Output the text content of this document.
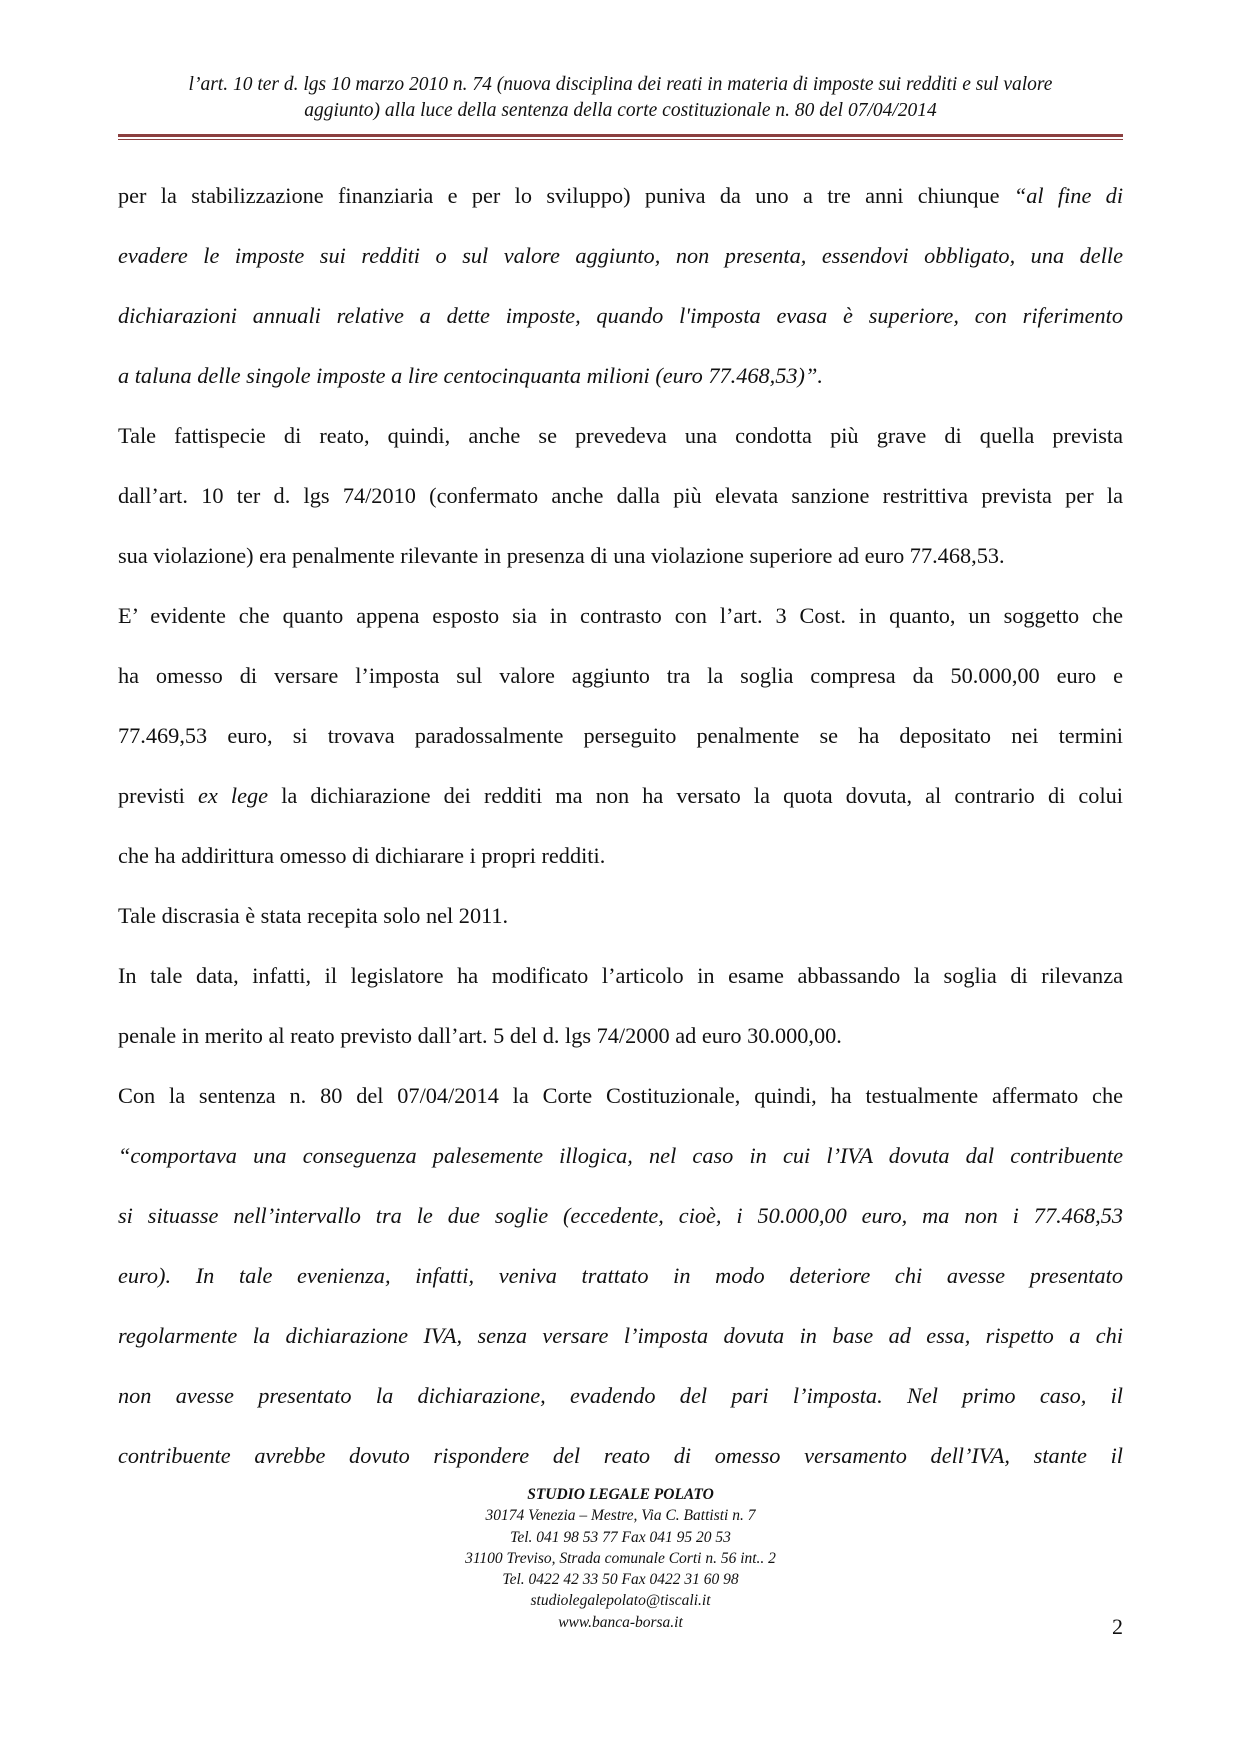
l’art. 10 ter d. lgs 10 marzo 2010 n. 74 (nuova disciplina dei reati in materia di imposte sui redditi e sul valore
aggiunto) alla luce della sentenza della corte costituzionale n. 80 del 07/04/2014

per la stabilizzazione finanziaria e per lo sviluppo) puniva da uno a tre anni chiunque “al fine di

evadere le imposte sui redditi o sul valore aggiunto, non presenta, essendovi obbligato, una delle

dichiarazioni annuali relative a dette imposte, quando l'imposta evasa è superiore, con riferimento

a taluna delle singole imposte a lire centocinquanta milioni (euro 77.468,53)”.

Tale fattispecie di reato, quindi, anche se prevedeva una condotta più grave di quella prevista

dall’art. 10 ter d. lgs 74/2010 (confermato anche dalla più elevata sanzione restrittiva prevista per la

sua violazione) era penalmente rilevante in presenza di una violazione superiore ad euro 77.468,53.

E’ evidente che quanto appena esposto sia in contrasto con l’art. 3 Cost. in quanto, un soggetto che

ha omesso di versare l’imposta sul valore aggiunto tra la soglia compresa da 50.000,00 euro e

77.469,53 euro, si trovava paradossalmente perseguito penalmente se ha depositato nei termini

previsti ex lege la dichiarazione dei redditi ma non ha versato la quota dovuta, al contrario di colui

che ha addirittura omesso di dichiarare i propri redditi.

Tale discrasia è stata recepita solo nel 2011.

In tale data, infatti, il legislatore ha modificato l’articolo in esame abbassando la soglia di rilevanza

penale in merito al reato previsto dall’art. 5 del d. lgs 74/2000 ad euro 30.000,00.

Con la sentenza n. 80 del 07/04/2014 la Corte Costituzionale, quindi, ha testualmente affermato che

“comportava una conseguenza palesemente illogica, nel caso in cui l’IVA dovuta dal contribuente

si situasse nell’intervallo tra le due soglie (eccedente, cioè, i 50.000,00 euro, ma non i 77.468,53

euro). In tale evenienza, infatti, veniva trattato in modo deteriore chi avesse presentato

regolarmente la dichiarazione IVA, senza versare l’imposta dovuta in base ad essa, rispetto a chi

non avesse presentato la dichiarazione, evadendo del pari l’imposta. Nel primo caso, il

contribuente avrebbe dovuto rispondere del reato di omesso versamento dell’IVA, stante il

STUDIO LEGALE POLATO
30174 Venezia – Mestre, Via C. Battisti n. 7
Tel. 041 98 53 77 Fax 041 95 20 53
31100 Treviso, Strada comunale Corti n. 56 int.. 2
Tel. 0422 42 33 50 Fax 0422 31 60 98
studiolegalepolato@tiscali.it
www.banca-borsa.it	2
